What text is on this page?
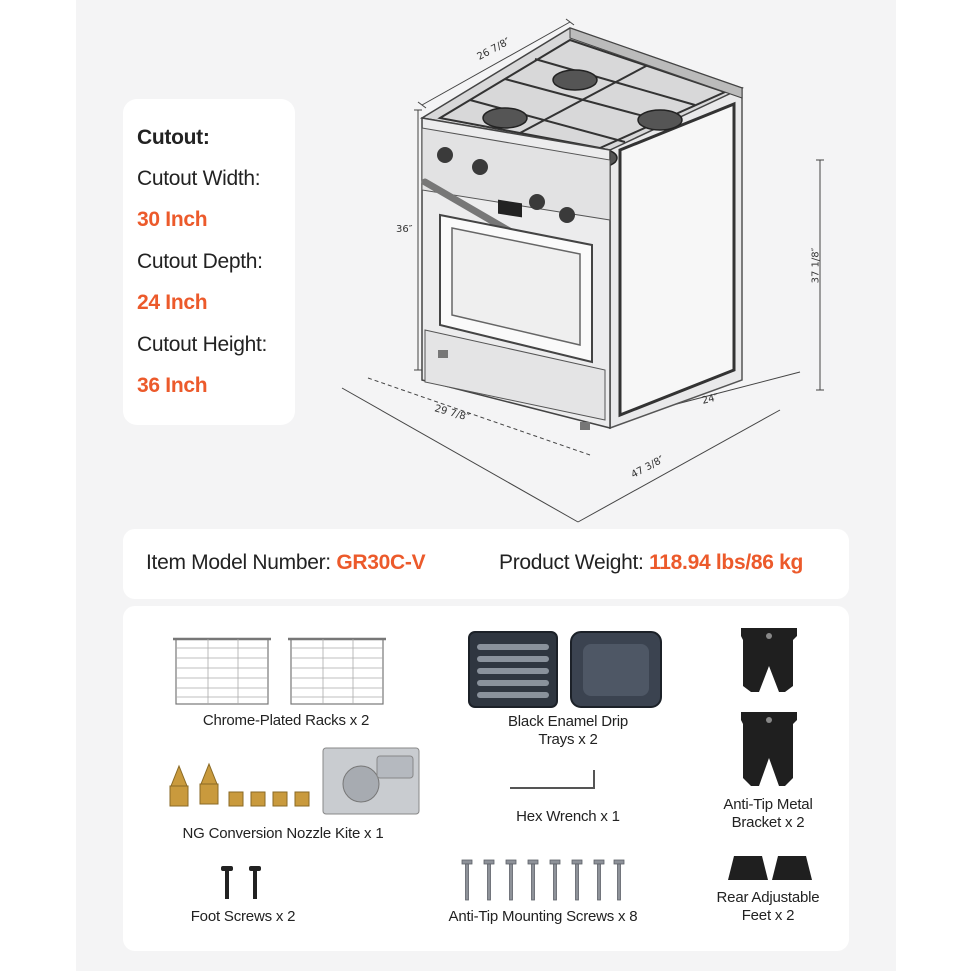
Cutout:
Cutout Width:
30 Inch
Cutout Depth:
24 Inch
Cutout Height:
36 Inch
26 7/8″
36″
37 1/8″
29 7/8″
24″
47 3/8″
Item Model Number: GR30C-V	Product Weight: 118.94 lbs/86 kg
Chrome-Plated Racks x 2	Black Enamel Drip
Trays x 2
Anti-Tip Metal
Bracket x 2
NG Conversion Nozzle Kite x 1
Hex Wrench x 1
Foot Screws x 2	Anti-Tip Mounting Screws x 8
Rear Adjustable
Feet x 2
